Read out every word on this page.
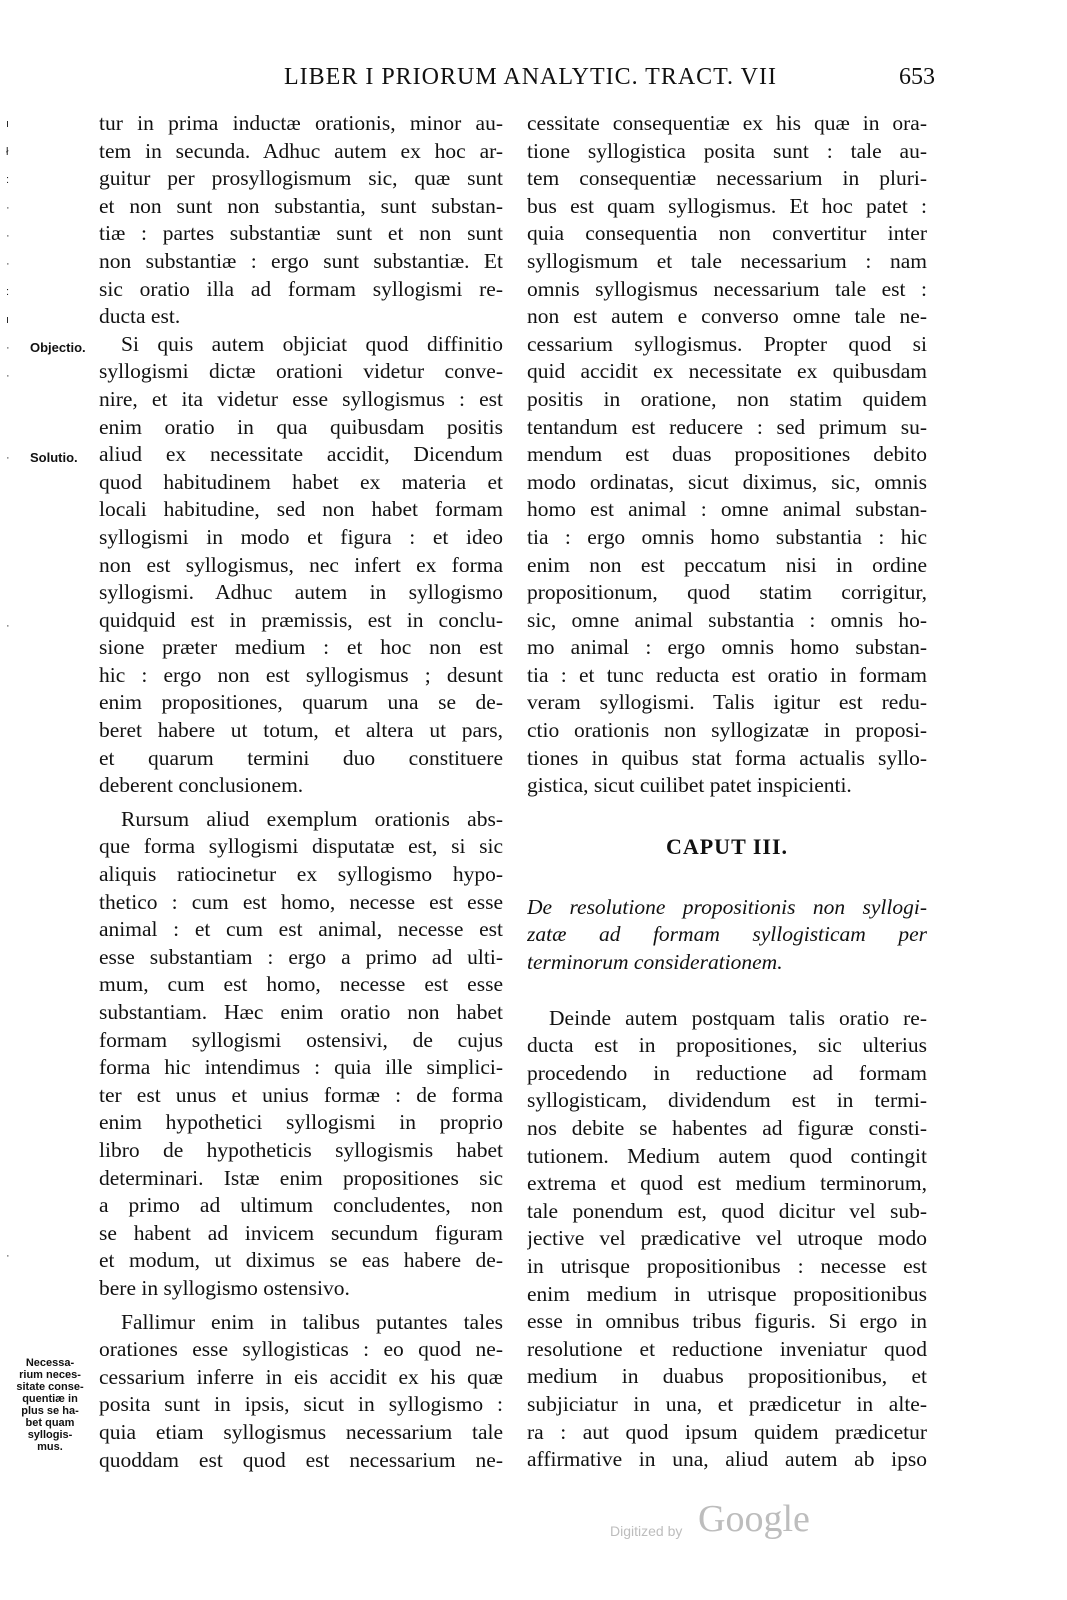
LIBER I PRIORUM ANALYTIC. TRACT. VII	653
ı
ł
:
·
·
·
:
ı
·
·
·
·
·
Objectio.
Solutio.
Necessa-
rium neces-
sitate conse-
quentiæ in
plus se ha-
bet quam
syllogis-
mus.
tur in prima inductæ orationis, minor au-
tem in secunda. Adhuc autem ex hoc ar-
guitur per prosyllogismum sic, quæ sunt
et non sunt non substantia, sunt substan-
tiæ : partes substantiæ sunt et non sunt
non substantiæ : ergo sunt substantiæ. Et
sic oratio illa ad formam syllogismi re-
ducta est.
Si quis autem objiciat quod diffinitio
syllogismi dictæ orationi videtur conve-
nire, et ita videtur esse syllogismus : est
enim oratio in qua quibusdam positis
aliud ex necessitate accidit, Dicendum
quod habitudinem habet ex materia et
locali habitudine, sed non habet formam
syllogismi in modo et figura : et ideo
non est syllogismus, nec infert ex forma
syllogismi. Adhuc autem in syllogismo
quidquid est in præmissis, est in conclu-
sione præter medium : et hoc non est
hic : ergo non est syllogismus ; desunt
enim propositiones, quarum una se de-
beret habere ut totum, et altera ut pars,
et quarum termini duo constituere
deberent conclusionem.
Rursum aliud exemplum orationis abs-
que forma syllogismi disputatæ est, si sic
aliquis ratiocinetur ex syllogismo hypo-
thetico : cum est homo, necesse est esse
animal : et cum est animal, necesse est
esse substantiam : ergo a primo ad ulti-
mum, cum est homo, necesse est esse
substantiam. Hæc enim oratio non habet
formam syllogismi ostensivi, de cujus
forma hic intendimus : quia ille simplici-
ter est unus et unius formæ : de forma
enim hypothetici syllogismi in proprio
libro de hypotheticis syllogismis habet
determinari. Istæ enim propositiones sic
a primo ad ultimum concludentes, non
se habent ad invicem secundum figuram
et modum, ut diximus se eas habere de-
bere in syllogismo ostensivo.
Fallimur enim in talibus putantes tales
orationes esse syllogisticas : eo quod ne-
cessarium inferre in eis accidit ex his quæ
posita sunt in ipsis, sicut in syllogismo :
quia etiam syllogismus necessarium tale
quoddam est quod est necessarium ne-
cessitate consequentiæ ex his quæ in ora-
tione syllogistica posita sunt : tale au-
tem consequentiæ necessarium in pluri-
bus est quam syllogismus. Et hoc patet :
quia consequentia non convertitur inter
syllogismum et tale necessarium : nam
omnis syllogismus necessarium tale est :
non est autem e converso omne tale ne-
cessarium syllogismus. Propter quod si
quid accidit ex necessitate ex quibusdam
positis in oratione, non statim quidem
tentandum est reducere : sed primum su-
mendum est duas propositiones debito
modo ordinatas, sicut diximus, sic, omnis
homo est animal : omne animal substan-
tia : ergo omnis homo substantia : hic
enim non est peccatum nisi in ordine
propositionum, quod statim corrigitur,
sic, omne animal substantia : omnis ho-
mo animal : ergo omnis homo substan-
tia : et tunc reducta est oratio in formam
veram syllogismi. Talis igitur est redu-
ctio orationis non syllogizatæ in proposi-
tiones in quibus stat forma actualis syllo-
gistica, sicut cuilibet patet inspicienti.
CAPUT III.
De resolutione propositionis non syllogi-
zatæ ad formam syllogisticam per
terminorum considerationem.
Deinde autem postquam talis oratio re-
ducta est in propositiones, sic ulterius
procedendo in reductione ad formam
syllogisticam, dividendum est in termi-
nos debite se habentes ad figuræ consti-
tutionem. Medium autem quod contingit
extrema et quod est medium terminorum,
tale ponendum est, quod dicitur vel sub-
jective vel prædicative vel utroque modo
in utrisque propositionibus : necesse est
enim medium in utrisque propositionibus
esse in omnibus tribus figuris. Si ergo in
resolutione et reductione inveniatur quod
medium in duabus propositionibus, et
subjiciatur in una, et prædicetur in alte-
ra : aut quod ipsum quidem prædicetur
affirmative in una, aliud autem ab ipso
Digitized by Google
